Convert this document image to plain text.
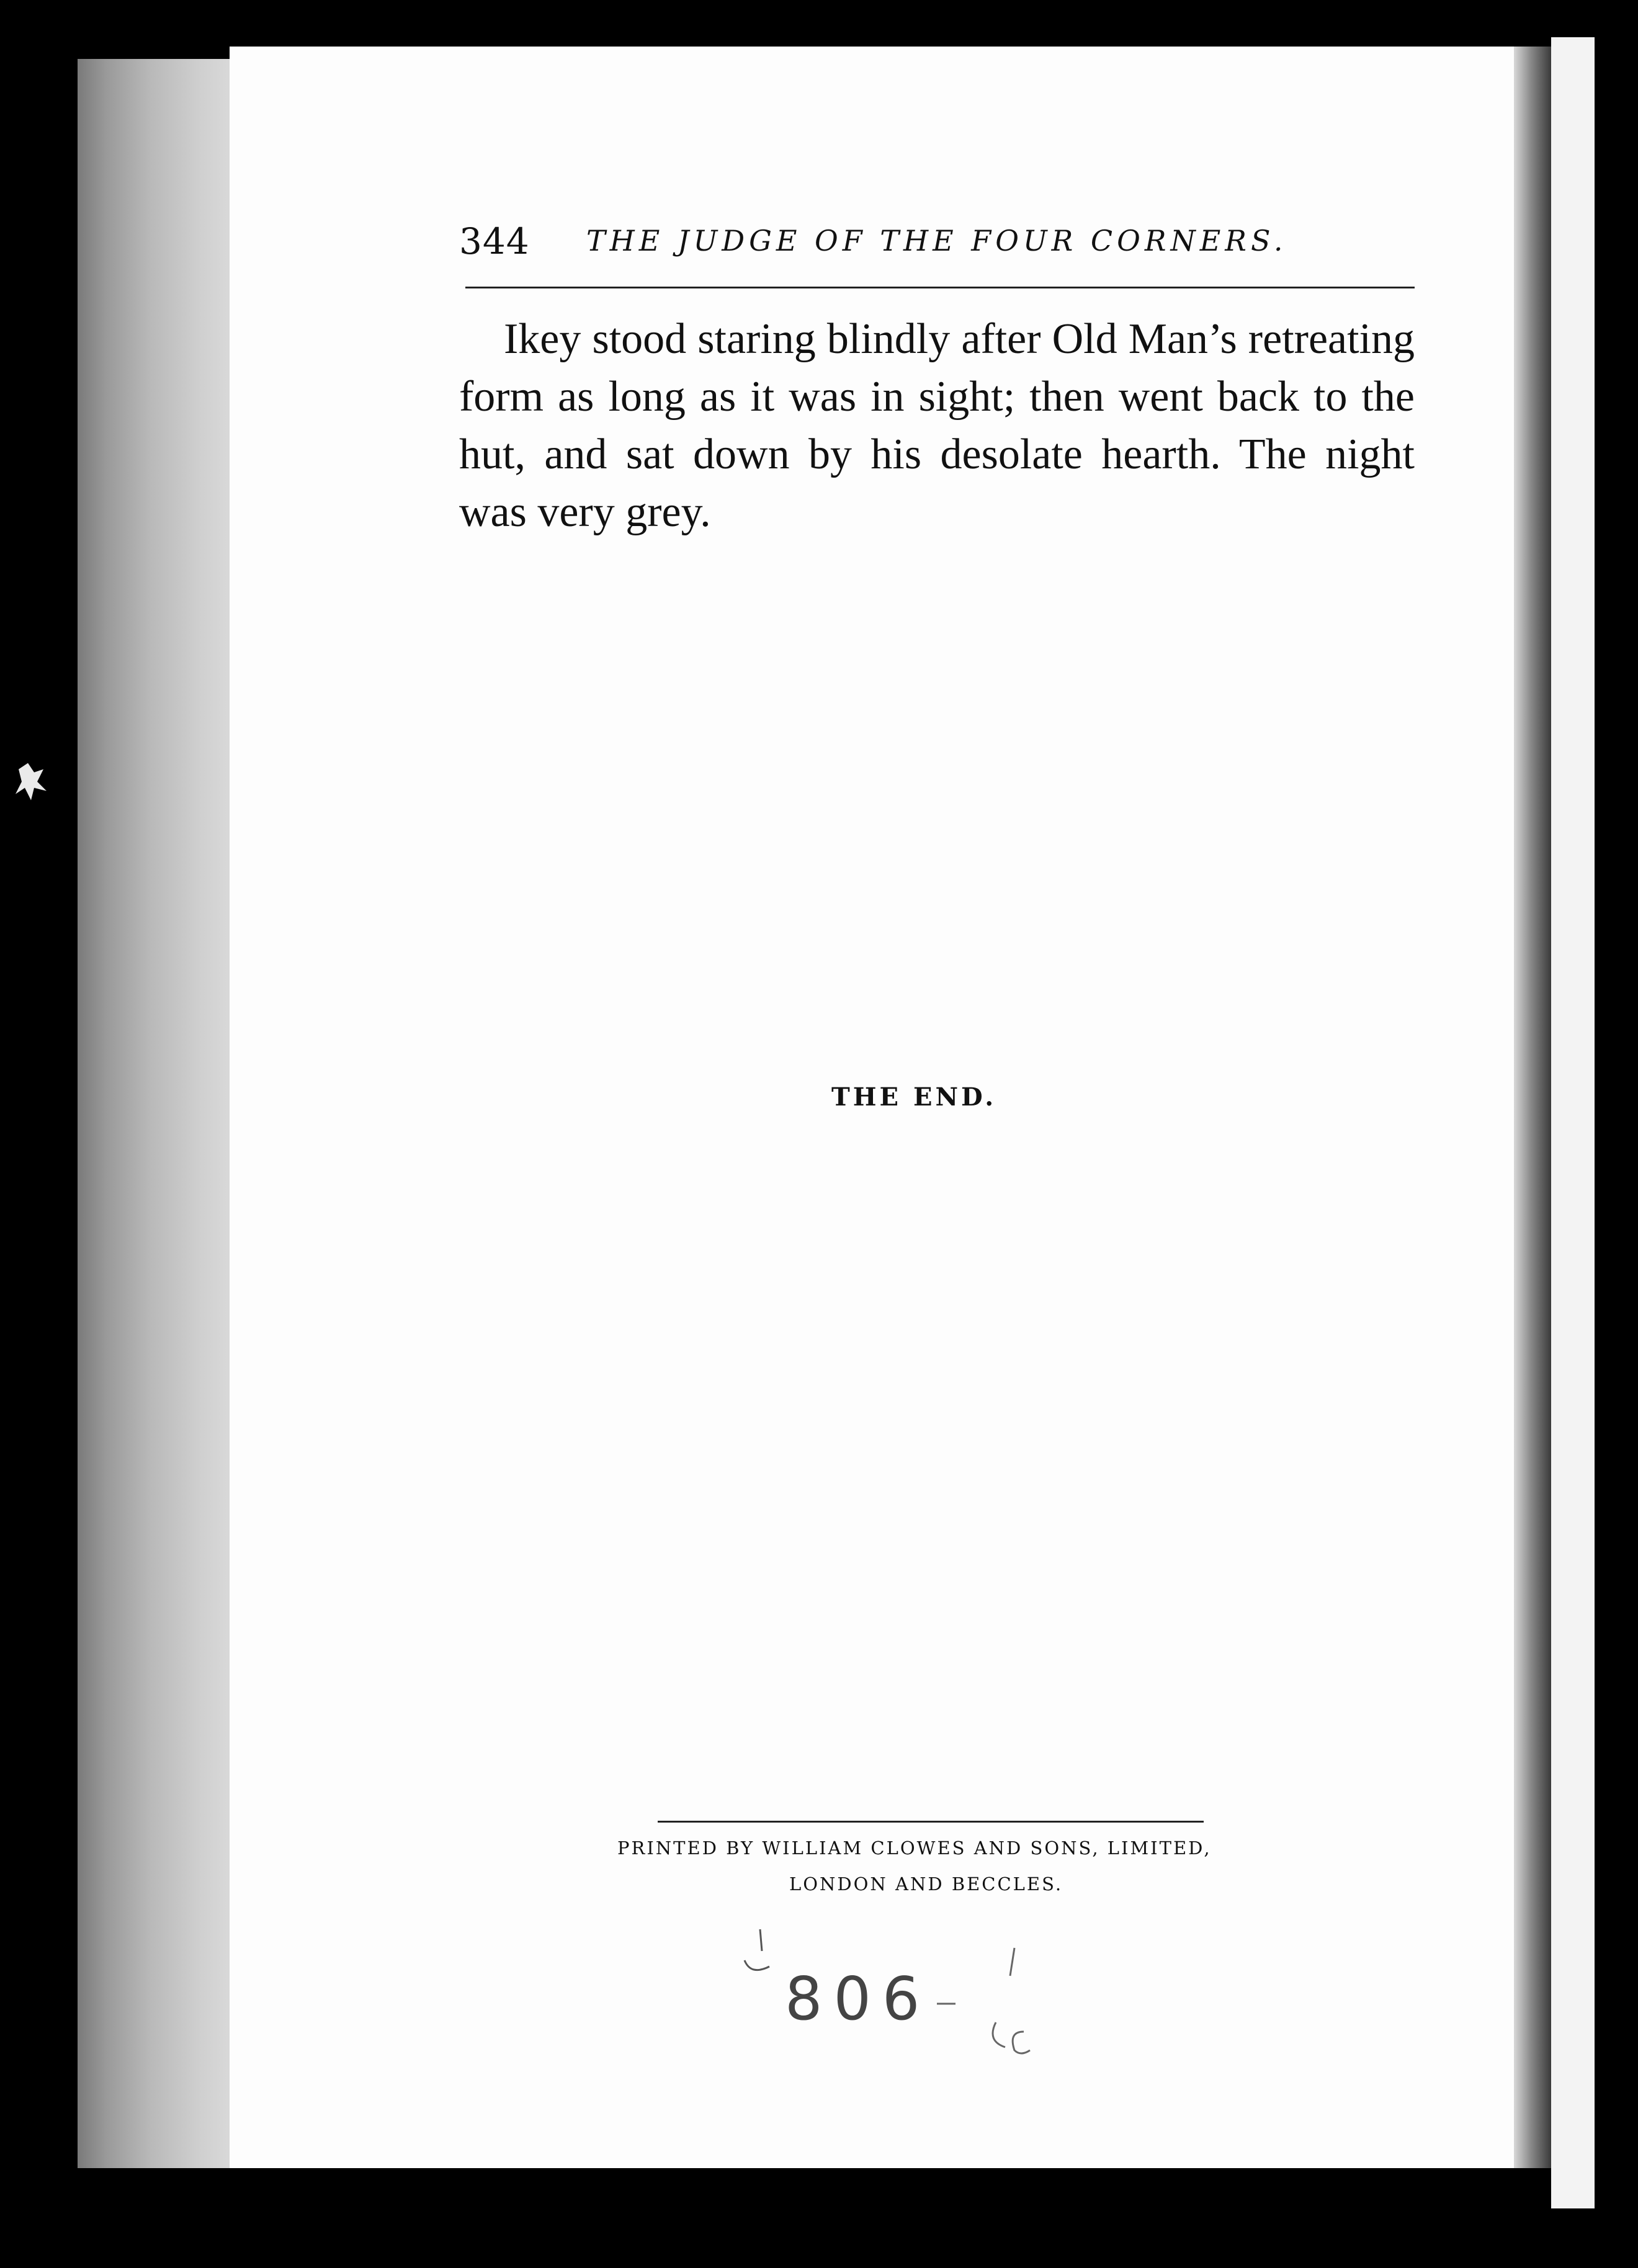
344 THE JUDGE OF THE FOUR CORNERS.

Ikey stood staring blindly after Old Man’s retreating form as long as it was in sight; then went back to the hut, and sat down by his desolate hearth. The night was very grey.

THE END.
PRINTED BY WILLIAM CLOWES AND SONS, LIMITED,
LONDON AND BECCLES.
806
